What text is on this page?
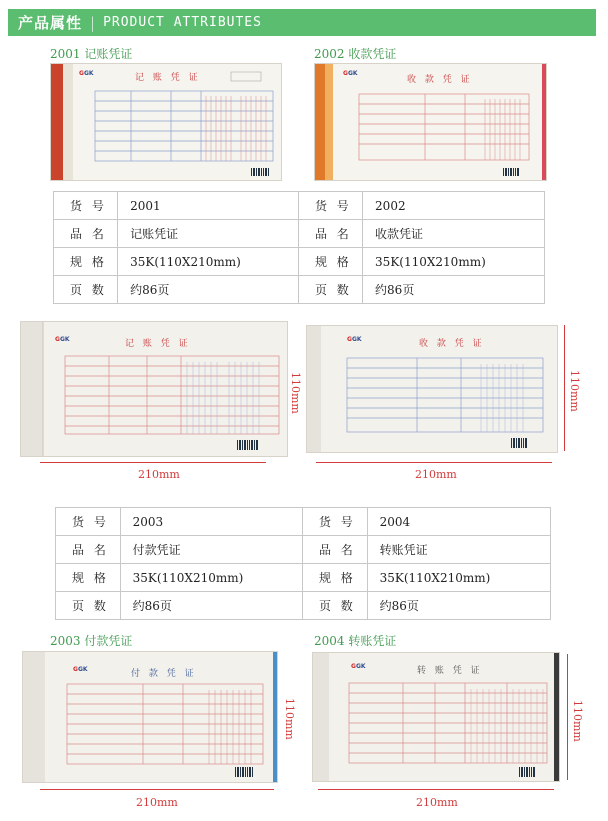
产品属性 | PRODUCT ATTRIBUTES
2001 记账凭证	2002 收款凭证
GGK	记 账 凭 证	GGK
收 款 凭 证
货 号	2001	货 号	2002
品 名	记账凭证	品 名	收款凭证
规 格	35K(110X210mm)	规 格	35K(110X210mm)
页 数	约86页	页 数	约86页
GGK	记 账 凭 证
210mm
GGK	收 款 凭 证
210mm
110mm
110mm
货 号	2003	货 号	2004
品 名	付款凭证	品 名	转账凭证
规 格	35K(110X210mm)	规 格	35K(110X210mm)
页 数	约86页	页 数	约86页
2003 付款凭证	2004 转账凭证
GGK	付 款 凭 证
210mm
110mm
GGK	转 账 凭 证
210mm
110mm
